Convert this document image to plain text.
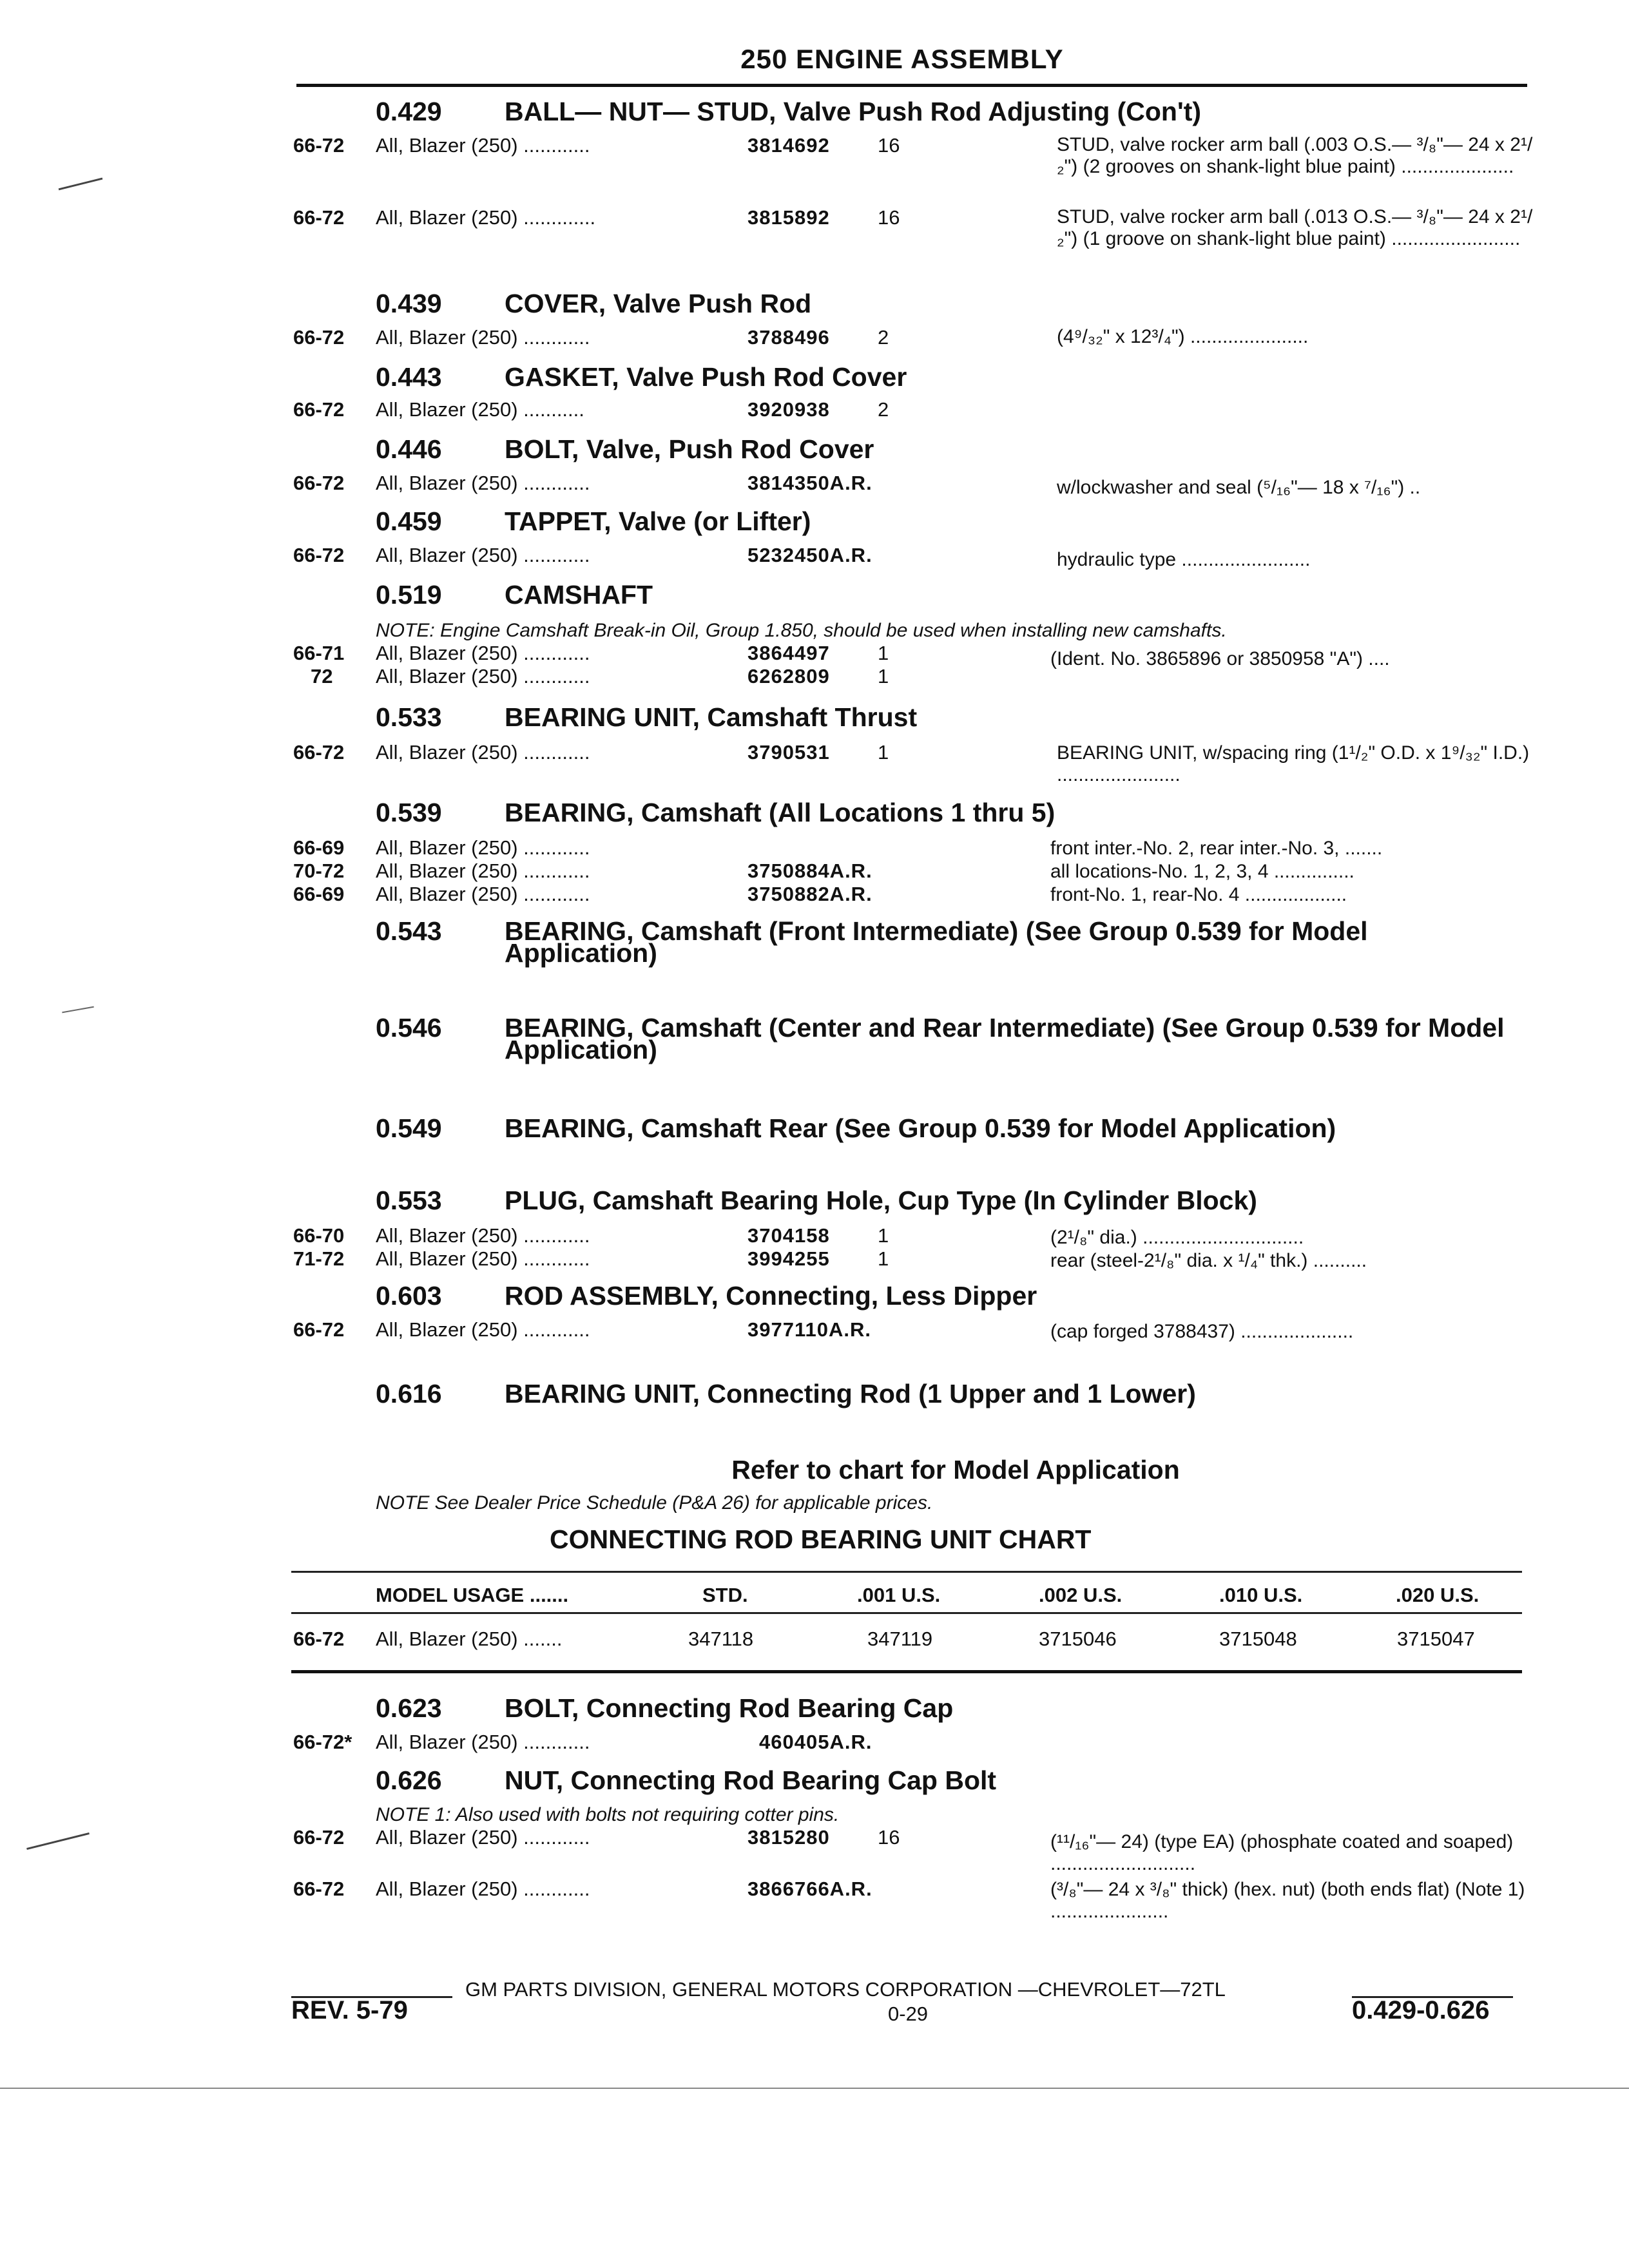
250 ENGINE ASSEMBLY
0.429 BALL— NUT— STUD, Valve Push Rod Adjusting (Con't)
66-72 All, Blazer (250) ............	3814692 16	STUD, valve rocker arm ball (.003 O.S.— ³/₈"— 24 x 2¹/₂") (2 grooves on shank-light blue paint) .....................
66-72 All, Blazer (250) .............	3815892 16	STUD, valve rocker arm ball (.013 O.S.— ³/₈"— 24 x 2¹/₂") (1 groove on shank-light blue paint) ........................
0.439 COVER, Valve Push Rod
66-72 All, Blazer (250) ............	3788496 2	(4⁹/₃₂" x 12³/₄") ......................
0.443 GASKET, Valve Push Rod Cover
66-72 All, Blazer (250) ...........	3920938 2
0.446 BOLT, Valve, Push Rod Cover
66-72 All, Blazer (250) ............	3814350A.R.	w/lockwasher and seal (⁵/₁₆"— 18 x ⁷/₁₆") ..
0.459 TAPPET, Valve (or Lifter)
66-72 All, Blazer (250) ............	5232450A.R.	hydraulic type ........................
0.519 CAMSHAFT
NOTE: Engine Camshaft Break-in Oil, Group 1.850, should be used when installing new camshafts.
66-71 All, Blazer (250) ............	3864497 1	(Ident. No. 3865896 or 3850958 "A") ....
72 All, Blazer (250) ............	6262809 1
0.533 BEARING UNIT, Camshaft Thrust
66-72 All, Blazer (250) ............	3790531 1	BEARING UNIT, w/spacing ring (1¹/₂" O.D. x 1⁹/₃₂" I.D.) .......................
0.539 BEARING, Camshaft (All Locations 1 thru 5)
66-69 All, Blazer (250) ............	front inter.-No. 2, rear inter.-No. 3, .......
70-72 All, Blazer (250) ............	3750884A.R.	all locations-No. 1, 2, 3, 4 ...............
66-69 All, Blazer (250) ............	3750882A.R.	front-No. 1, rear-No. 4 ...................
0.543	BEARING, Camshaft (Front Intermediate) (See Group 0.539 for Model Application)
0.546	BEARING, Camshaft (Center and Rear Intermediate) (See Group 0.539 for Model Application)
0.549 BEARING, Camshaft Rear (See Group 0.539 for Model Application)
0.553 PLUG, Camshaft Bearing Hole, Cup Type (In Cylinder Block)
66-70 All, Blazer (250) ............	3704158 1	(2¹/₈" dia.) ..............................
71-72 All, Blazer (250) ............	3994255 1	rear (steel-2¹/₈" dia. x ¹/₄" thk.) ..........
0.603 ROD ASSEMBLY, Connecting, Less Dipper
66-72 All, Blazer (250) ............	3977110A.R.	(cap forged 3788437) .....................
0.616 BEARING UNIT, Connecting Rod (1 Upper and 1 Lower)
Refer to chart for Model Application
NOTE See Dealer Price Schedule (P&A 26) for applicable prices.
CONNECTING ROD BEARING UNIT CHART
MODEL USAGE .......	STD.	.001 U.S.	.002 U.S.	.010 U.S.	.020 U.S.
66-72 All, Blazer (250) .......	347118	347119	3715046	3715048	3715047
0.623 BOLT, Connecting Rod Bearing Cap
66-72* All, Blazer (250) ............	460405A.R.
0.626 NUT, Connecting Rod Bearing Cap Bolt
NOTE 1: Also used with bolts not requiring cotter pins.
66-72 All, Blazer (250) ............	3815280 16	(¹¹/₁₆"— 24) (type EA) (phosphate coated and soaped) ...........................
66-72 All, Blazer (250) ............	3866766A.R.	(³/₈"— 24 x ³/₈" thick) (hex. nut) (both ends flat) (Note 1) ......................
GM PARTS DIVISION, GENERAL MOTORS CORPORATION —CHEVROLET—72TL
REV. 5-79	0-29	0.429-0.626
